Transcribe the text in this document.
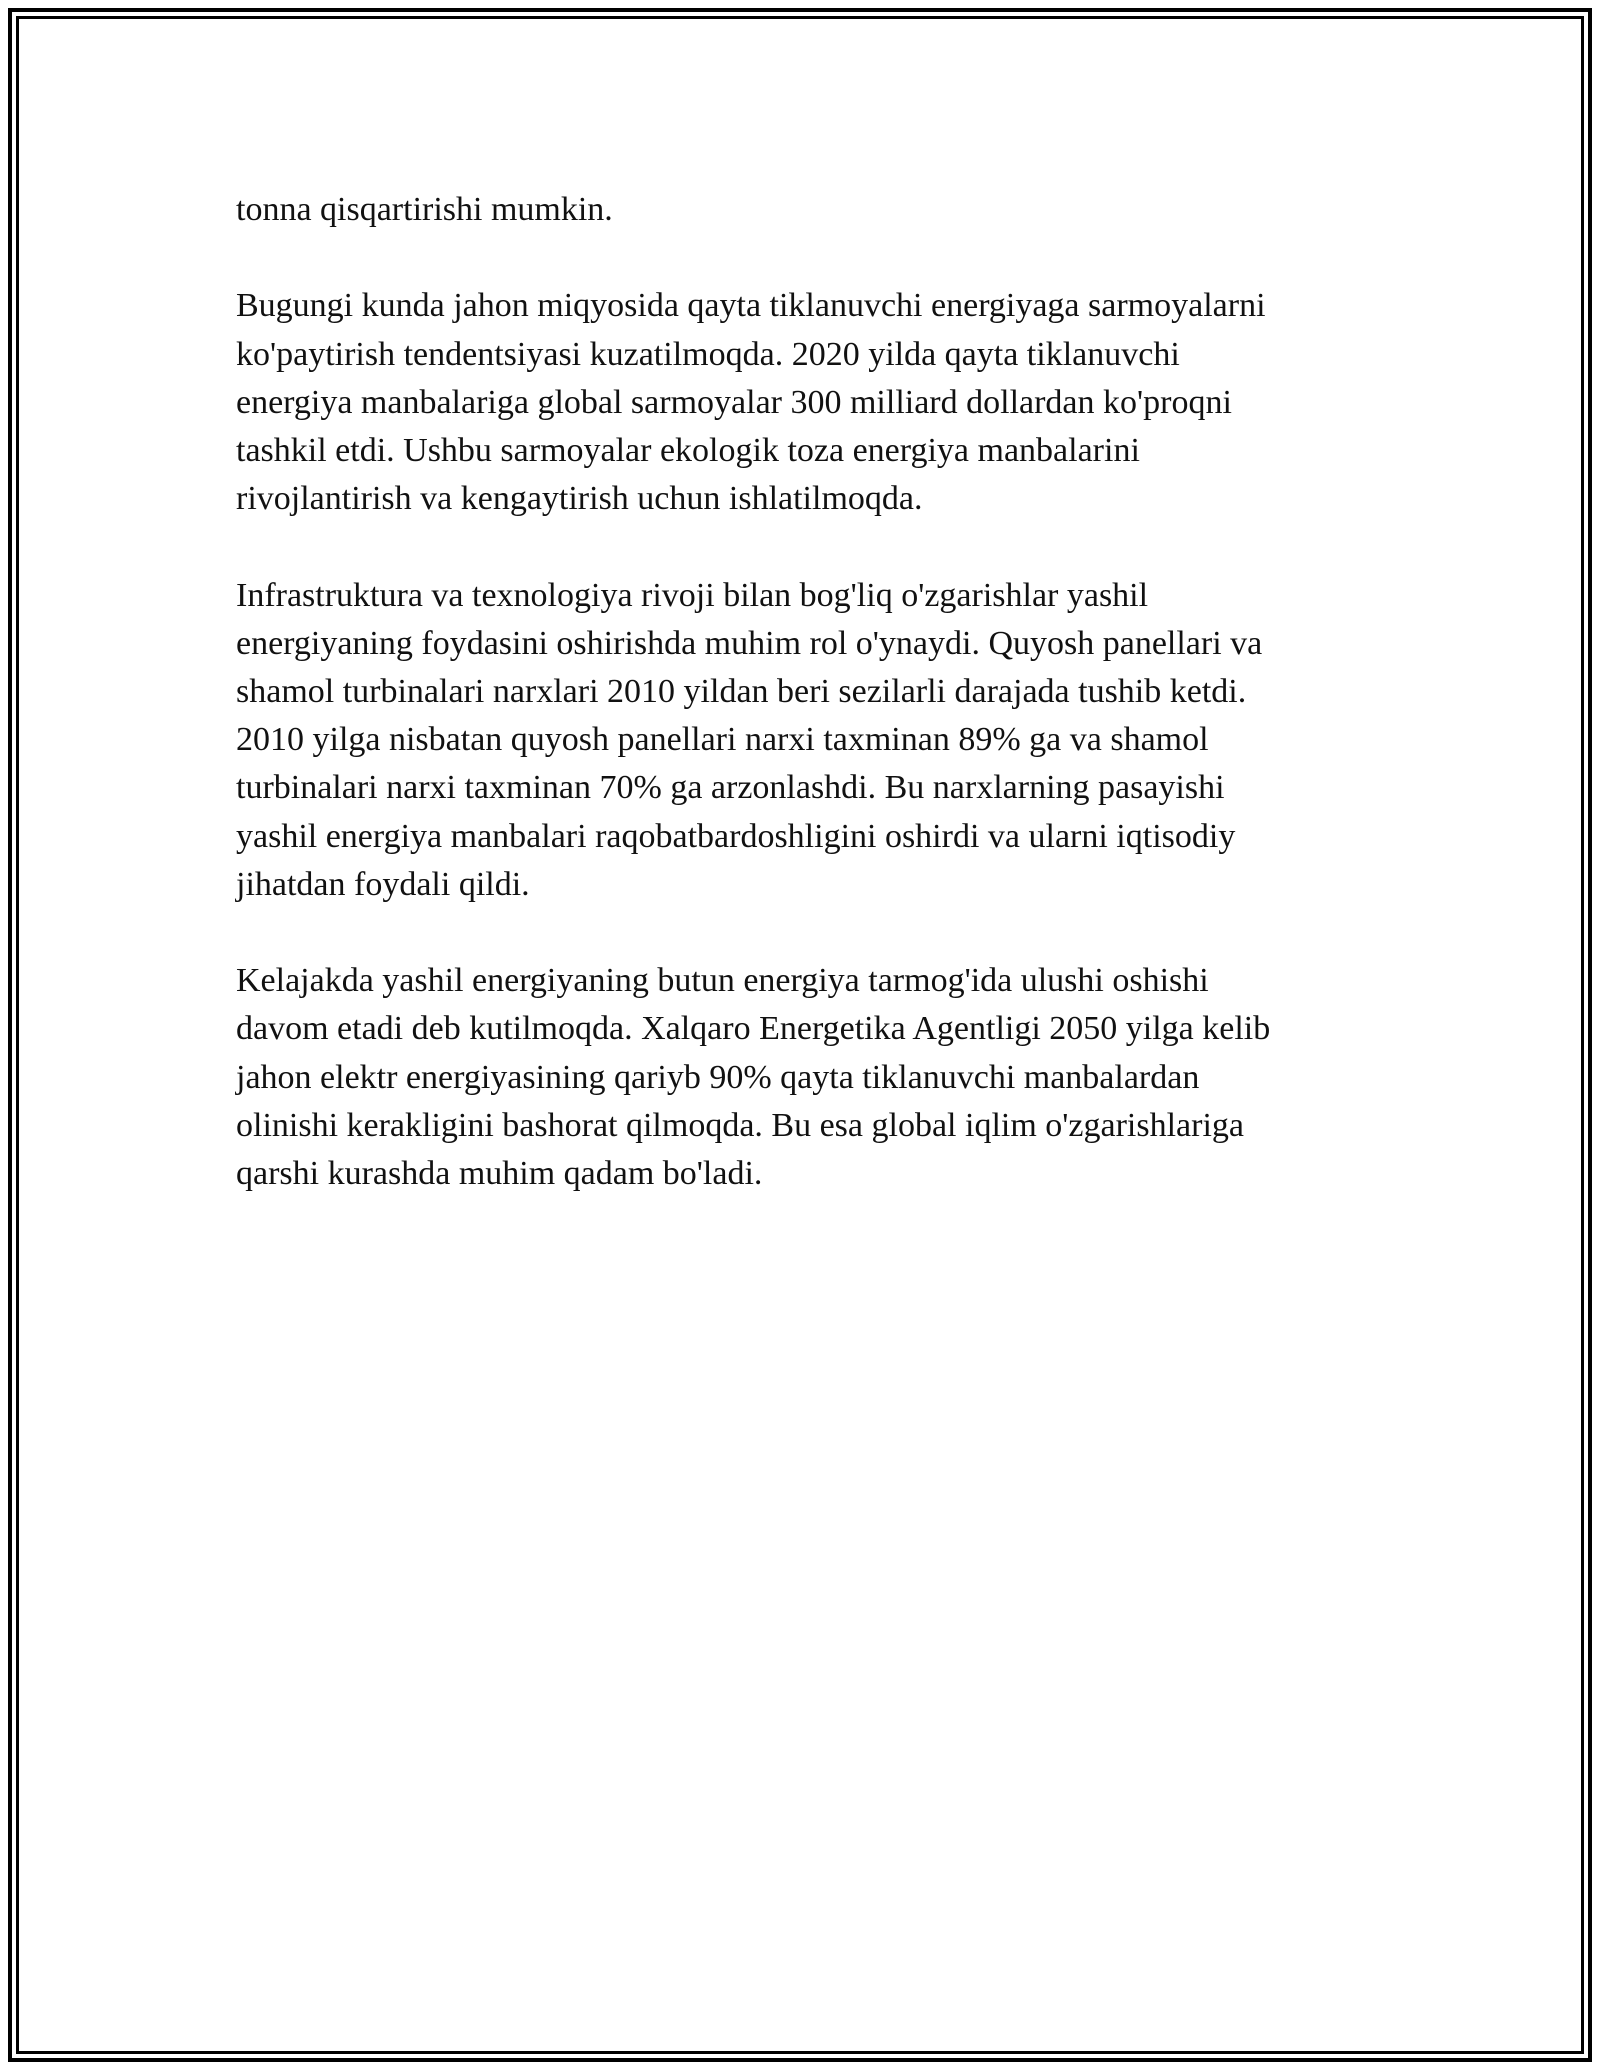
tonna qisqartirishi mumkin.

Bugungi kunda jahon miqyosida qayta tiklanuvchi energiyaga sarmoyalarni
ko'paytirish tendentsiyasi kuzatilmoqda. 2020 yilda qayta tiklanuvchi
energiya manbalariga global sarmoyalar 300 milliard dollardan ko'proqni
tashkil etdi. Ushbu sarmoyalar ekologik toza energiya manbalarini
rivojlantirish va kengaytirish uchun ishlatilmoqda.

Infrastruktura va texnologiya rivoji bilan bog'liq o'zgarishlar yashil
energiyaning foydasini oshirishda muhim rol o'ynaydi. Quyosh panellari va
shamol turbinalari narxlari 2010 yildan beri sezilarli darajada tushib ketdi.
2010 yilga nisbatan quyosh panellari narxi taxminan 89% ga va shamol
turbinalari narxi taxminan 70% ga arzonlashdi. Bu narxlarning pasayishi
yashil energiya manbalari raqobatbardoshligini oshirdi va ularni iqtisodiy
jihatdan foydali qildi.

Kelajakda yashil energiyaning butun energiya tarmog'ida ulushi oshishi
davom etadi deb kutilmoqda. Xalqaro Energetika Agentligi 2050 yilga kelib
jahon elektr energiyasining qariyb 90% qayta tiklanuvchi manbalardan
olinishi kerakligini bashorat qilmoqda. Bu esa global iqlim o'zgarishlariga
qarshi kurashda muhim qadam bo'ladi.
